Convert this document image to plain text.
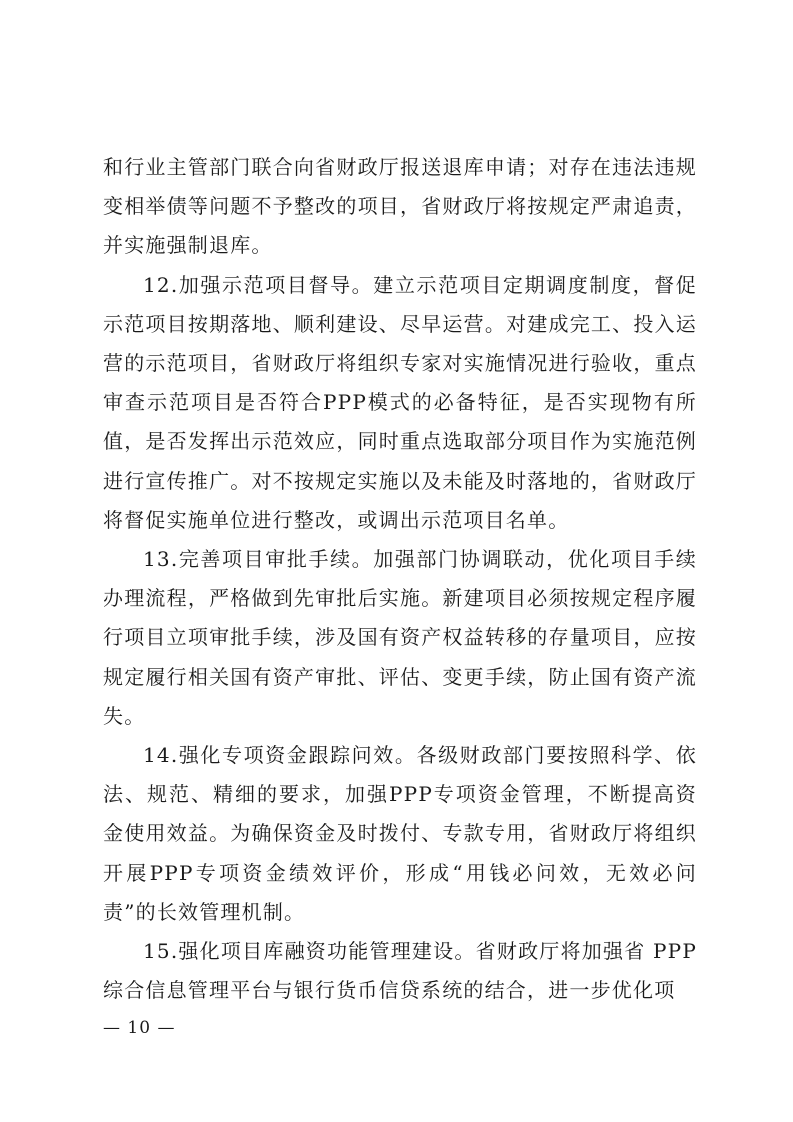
和行业主管部门联合向省财政厅报送退库申请；对存在违法违规变相举债等问题不予整改的项目，省财政厅将按规定严肃追责，并实施强制退库。

12.加强示范项目督导。建立示范项目定期调度制度，督促示范项目按期落地、顺利建设、尽早运营。对建成完工、投入运营的示范项目，省财政厅将组织专家对实施情况进行验收，重点审查示范项目是否符合PPP模式的必备特征，是否实现物有所值，是否发挥出示范效应，同时重点选取部分项目作为实施范例进行宣传推广。对不按规定实施以及未能及时落地的，省财政厅将督促实施单位进行整改，或调出示范项目名单。

13.完善项目审批手续。加强部门协调联动，优化项目手续办理流程，严格做到先审批后实施。新建项目必须按规定程序履行项目立项审批手续，涉及国有资产权益转移的存量项目，应按规定履行相关国有资产审批、评估、变更手续，防止国有资产流失。

14.强化专项资金跟踪问效。各级财政部门要按照科学、依法、规范、精细的要求，加强PPP专项资金管理，不断提高资金使用效益。为确保资金及时拨付、专款专用，省财政厅将组织开展PPP专项资金绩效评价，形成“用钱必问效，无效必问责”的长效管理机制。

15.强化项目库融资功能管理建设。省财政厅将加强省 PPP综合信息管理平台与银行货币信贷系统的结合，进一步优化项

— 10 —
